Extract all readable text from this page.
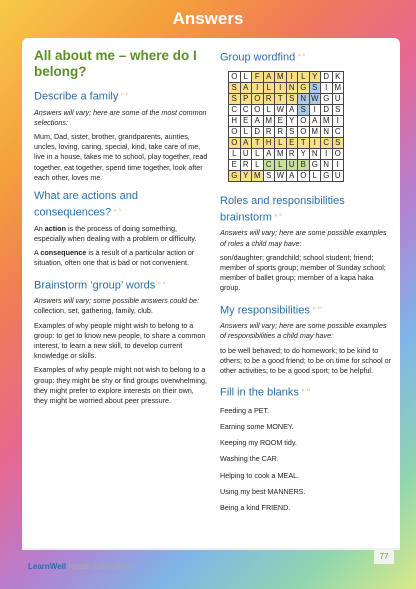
Answers
All about me – where do I belong?
Describe a family $^{p. 2}$

Answers will vary; here are some of the most common selections:

Mum, Dad, sister, brother, grandparents, aunties, uncles, loving, caring, special, kind, take care of me, live in a house, takes me to school, play together, read together, eat together, spend time together, look after each other, loves me.

What are actions and consequences? $^{p. 3}$

An action is the process of doing something, especially when dealing with a problem or difficulty.

A consequence is a result of a particular action or situation, often one that is bad or not convenient.

Brainstorm ‘group’ words $^{p. 4}$

Answers will vary; some possible answers could be: collection, set, gathering, family, club.

Examples of why people might wish to belong to a group: to get to know new people, to share a common interest, to learn a new skill, to develop current knowledge or skills.

Examples of why people might not wish to belong to a group: they might be shy or find groups overwhelming, they might prefer to explore interests on their own, they might be worried about peer pressure.

Group wordfind $^{p. 5}$
O	L	F	A	M	I	L	Y	D	K
S	A	I	L	I	N	G	S	I	M
S	P	O	R	T	S	N	W	G	U
C	C	O	L	W	A	S	I	D	S
H	E	A	M	E	Y	O	A	M	I
O	L	D	R	R	S	O	M	N	C
O	A	T	H	L	E	T	I	C	S
L	U	L	A	M	R	Y	N	I	O
E	R	L	C	L	U	B	G	N	I
G	Y	M	S	W	A	O	L	G	U
Roles and responsibilities brainstorm $^{p. 6}$

Answers will vary; here are some possible examples of roles a child may have:

son/daughter; grandchild; school student; friend; member of sports group; member of Sunday school; member of ballet group; member of a kapa haka group.

My responsibilities $^{p. 10}$

Answers will vary; here are some possible examples of responsibilities a child may have:

to be well behaved; to do homework; to be kind to others; to be a good friend; to be on time for school or other activities; to be a good sport; to be helpful.

Fill in the blanks $^{p. 11}$

Feeding a PET.

Earning some MONEY.

Keeping my ROOM tidy.

Washing the CAR.

Helping to cook a MEAL.

Using my best MANNERS.

Being a kind FRIEND.

LearnWell Health Education
77
